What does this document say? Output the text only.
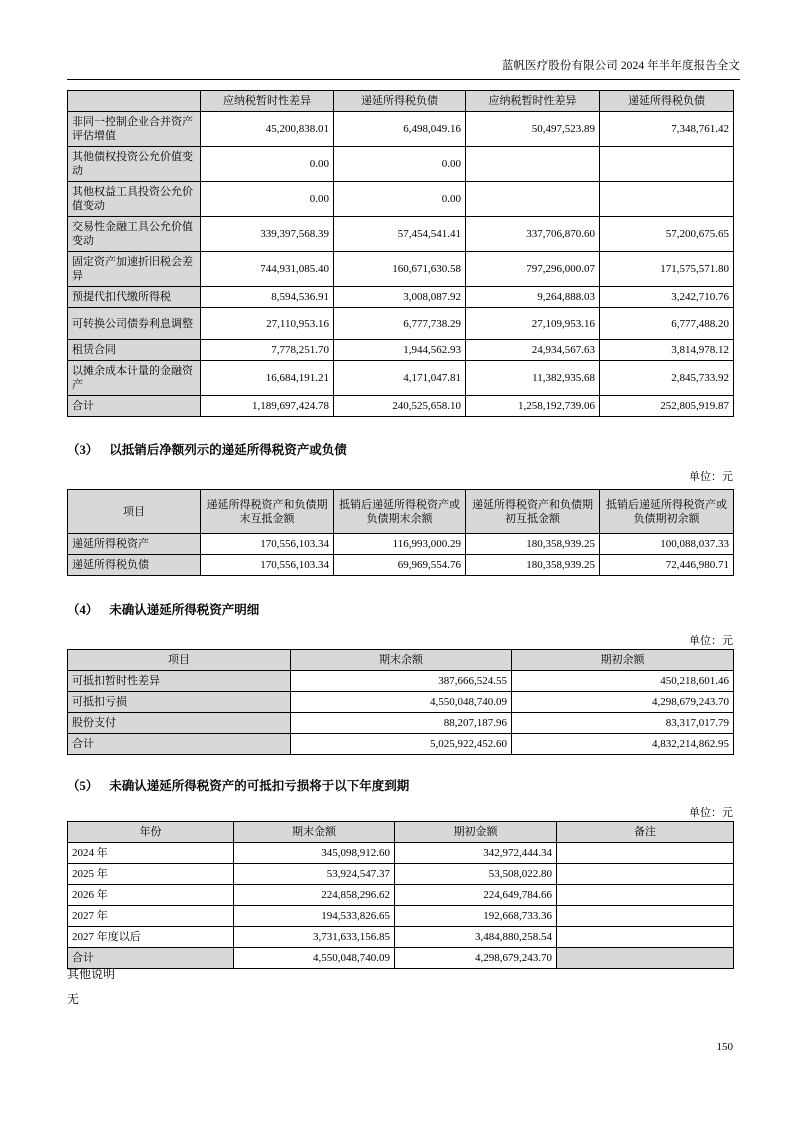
蓝帆医疗股份有限公司 2024 年半年度报告全文
	应纳税暂时性差异	递延所得税负债	应纳税暂时性差异	递延所得税负债
非同一控制企业合并资产评估增值	45,200,838.01	6,498,049.16	50,497,523.89	7,348,761.42
其他债权投资公允价值变动	0.00	0.00		
其他权益工具投资公允价值变动	0.00	0.00		
交易性金融工具公允价值变动	339,397,568.39	57,454,541.41	337,706,870.60	57,200,675.65
固定资产加速折旧税会差异	744,931,085.40	160,671,630.58	797,296,000.07	171,575,571.80
预提代扣代缴所得税	8,594,536.91	3,008,087.92	9,264,888.03	3,242,710.76
可转换公司债券利息调整	27,110,953.16	6,777,738.29	27,109,953.16	6,777,488.20
租赁合同	7,778,251.70	1,944,562.93	24,934,567.63	3,814,978.12
以摊余成本计量的金融资产	16,684,191.21	4,171,047.81	11,382,935.68	2,845,733.92
合计	1,189,697,424.78	240,525,658.10	1,258,192,739.06	252,805,919.87
（3） 以抵销后净额列示的递延所得税资产或负债
单位：元
项目	递延所得税资产和负债期末互抵金额	抵销后递延所得税资产或负债期末余额	递延所得税资产和负债期初互抵金额	抵销后递延所得税资产或负债期初余额
递延所得税资产	170,556,103.34	116,993,000.29	180,358,939.25	100,088,037.33
递延所得税负债	170,556,103.34	69,969,554.76	180,358,939.25	72,446,980.71
（4） 未确认递延所得税资产明细
单位：元
项目	期末余额	期初余额
可抵扣暂时性差异	387,666,524.55	450,218,601.46
可抵扣亏损	4,550,048,740.09	4,298,679,243.70
股份支付	88,207,187.96	83,317,017.79
合计	5,025,922,452.60	4,832,214,862.95
（5） 未确认递延所得税资产的可抵扣亏损将于以下年度到期
单位：元
年份	期末金额	期初金额	备注
2024 年	345,098,912.60	342,972,444.34	
2025 年	53,924,547.37	53,508,022.80	
2026 年	224,858,296.62	224,649,784.66	
2027 年	194,533,826.65	192,668,733.36	
2027 年度以后	3,731,633,156.85	3,484,880,258.54	
合计	4,550,048,740.09	4,298,679,243.70	
其他说明
无
150
